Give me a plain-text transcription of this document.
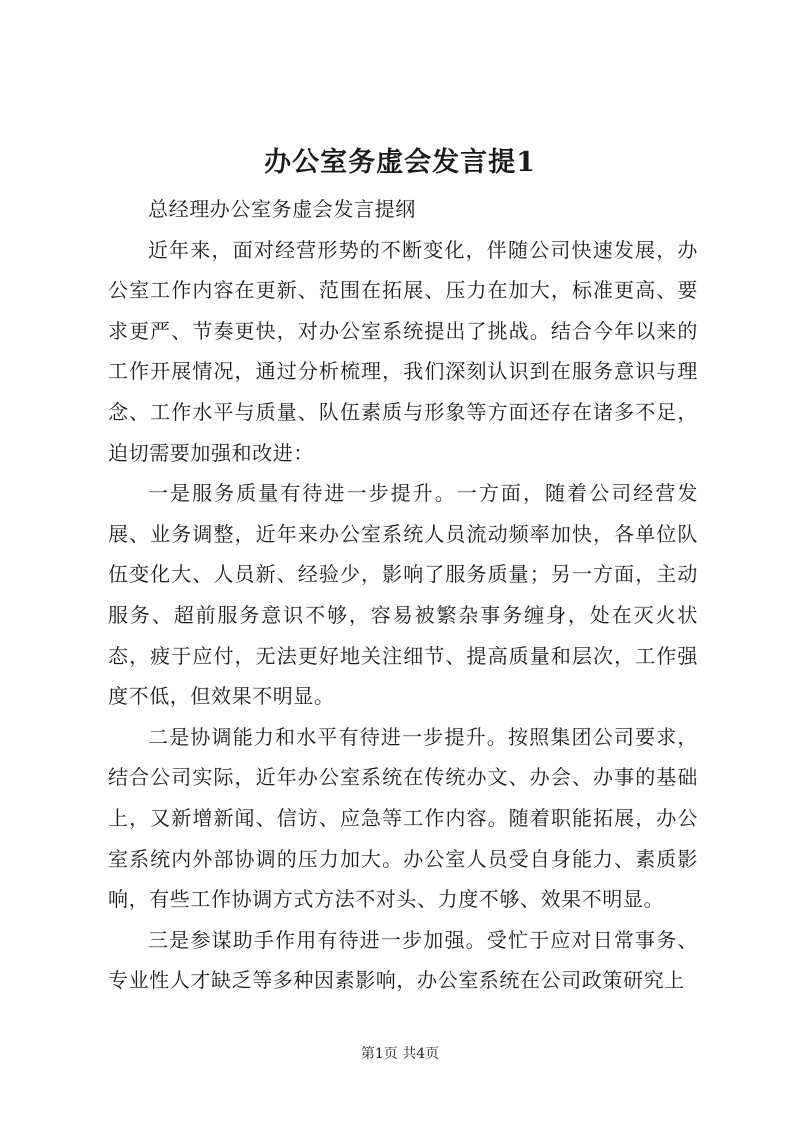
办公室务虚会发言提1

总经理办公室务虚会发言提纲

近年来，面对经营形势的不断变化，伴随公司快速发展，办公室工作内容在更新、范围在拓展、压力在加大，标准更高、要求更严、节奏更快，对办公室系统提出了挑战。结合今年以来的工作开展情况，通过分析梳理，我们深刻认识到在服务意识与理念、工作水平与质量、队伍素质与形象等方面还存在诸多不足，迫切需要加强和改进：

一是服务质量有待进一步提升。一方面，随着公司经营发展、业务调整，近年来办公室系统人员流动频率加快，各单位队伍变化大、人员新、经验少，影响了服务质量；另一方面，主动服务、超前服务意识不够，容易被繁杂事务缠身，处在灭火状态，疲于应付，无法更好地关注细节、提高质量和层次，工作强度不低，但效果不明显。

二是协调能力和水平有待进一步提升。按照集团公司要求，结合公司实际，近年办公室系统在传统办文、办会、办事的基础上，又新增新闻、信访、应急等工作内容。随着职能拓展，办公室系统内外部协调的压力加大。办公室人员受自身能力、素质影响，有些工作协调方式方法不对头、力度不够、效果不明显。

三是参谋助手作用有待进一步加强。受忙于应对日常事务、专业性人才缺乏等多种因素影响，办公室系统在公司政策研究上

第1页 共4页
